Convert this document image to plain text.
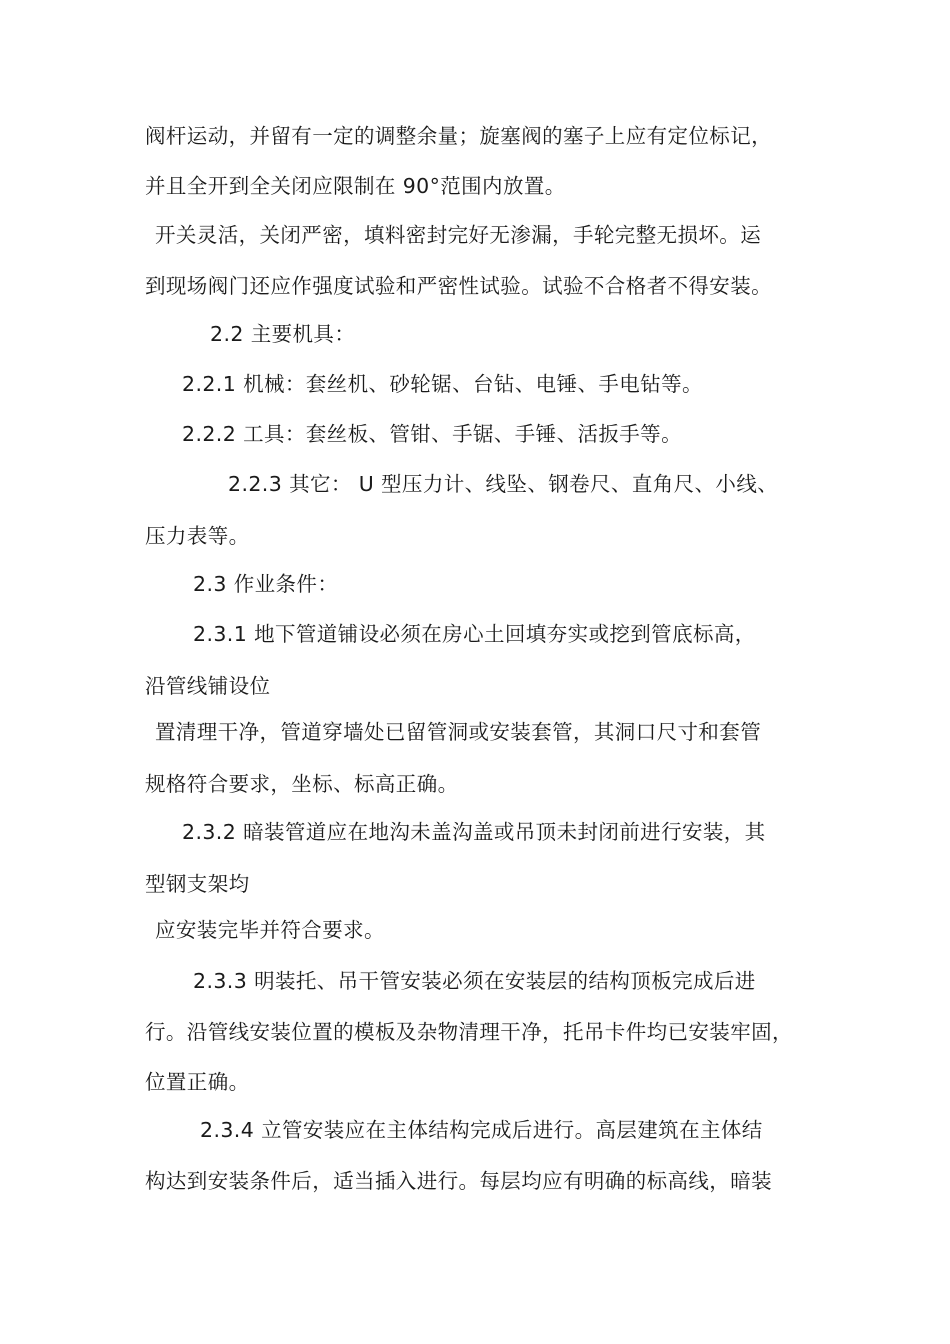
阀杆运动，并留有一定的调整余量；旋塞阀的塞子上应有定位标记，
并且全开到全关闭应限制在 90°范围内放置。
开关灵活，关闭严密，填料密封完好无渗漏，手轮完整无损坏。运
到现场阀门还应作强度试验和严密性试验。试验不合格者不得安装。
2.2 主要机具：
2.2.1 机械：套丝机、砂轮锯、台钻、电锤、手电钻等。
2.2.2 工具：套丝板、管钳、手锯、手锤、活扳手等。
2.2.3 其它： U 型压力计、线坠、钢卷尺、直角尺、小线、
压力表等。
2.3 作业条件：
2.3.1 地下管道铺设必须在房心土回填夯实或挖到管底标高，
沿管线铺设位
置清理干净，管道穿墙处已留管洞或安装套管，其洞口尺寸和套管
规格符合要求，坐标、标高正确。
2.3.2 暗装管道应在地沟未盖沟盖或吊顶未封闭前进行安装，其
型钢支架均
应安装完毕并符合要求。
2.3.3 明装托、吊干管安装必须在安装层的结构顶板完成后进
行。沿管线安装位置的模板及杂物清理干净，托吊卡件均已安装牢固，
位置正确。
2.3.4 立管安装应在主体结构完成后进行。高层建筑在主体结
构达到安装条件后，适当插入进行。每层均应有明确的标高线，暗装
